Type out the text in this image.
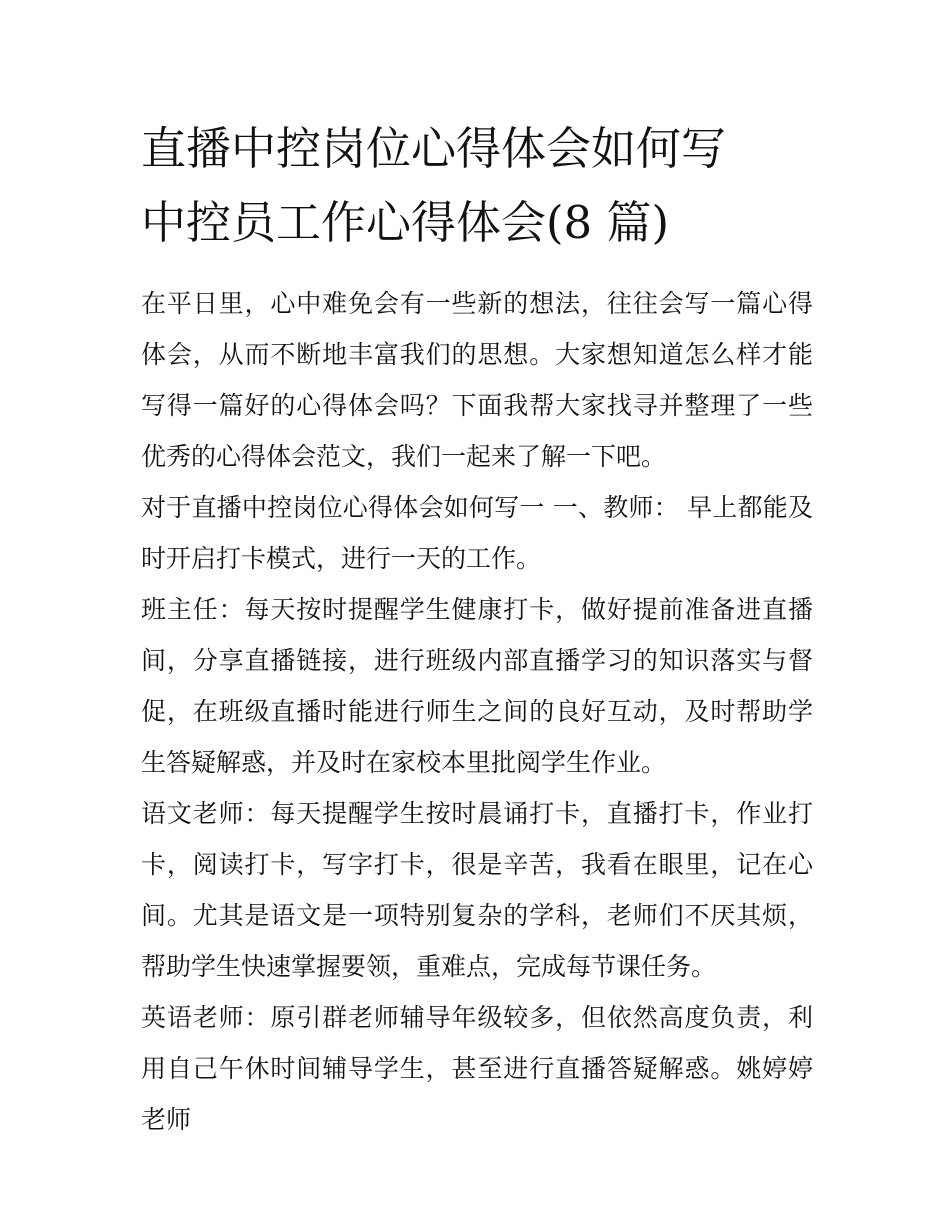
直播中控岗位心得体会如何写
中控员工作心得体会(8 篇)

在平日里，心中难免会有一些新的想法，往往会写一篇心得体会，从而不断地丰富我们的思想。大家想知道怎么样才能写得一篇好的心得体会吗？下面我帮大家找寻并整理了一些优秀的心得体会范文，我们一起来了解一下吧。

对于直播中控岗位心得体会如何写一 一、教师： 早上都能及时开启打卡模式，进行一天的工作。

班主任：每天按时提醒学生健康打卡，做好提前准备进直播间，分享直播链接，进行班级内部直播学习的知识落实与督促，在班级直播时能进行师生之间的良好互动，及时帮助学生答疑解惑，并及时在家校本里批阅学生作业。

语文老师：每天提醒学生按时晨诵打卡，直播打卡，作业打卡，阅读打卡，写字打卡，很是辛苦，我看在眼里，记在心间。尤其是语文是一项特别复杂的学科，老师们不厌其烦，帮助学生快速掌握要领，重难点，完成每节课任务。

英语老师：原引群老师辅导年级较多，但依然高度负责，利用自己午休时间辅导学生，甚至进行直播答疑解惑。姚婷婷老师
